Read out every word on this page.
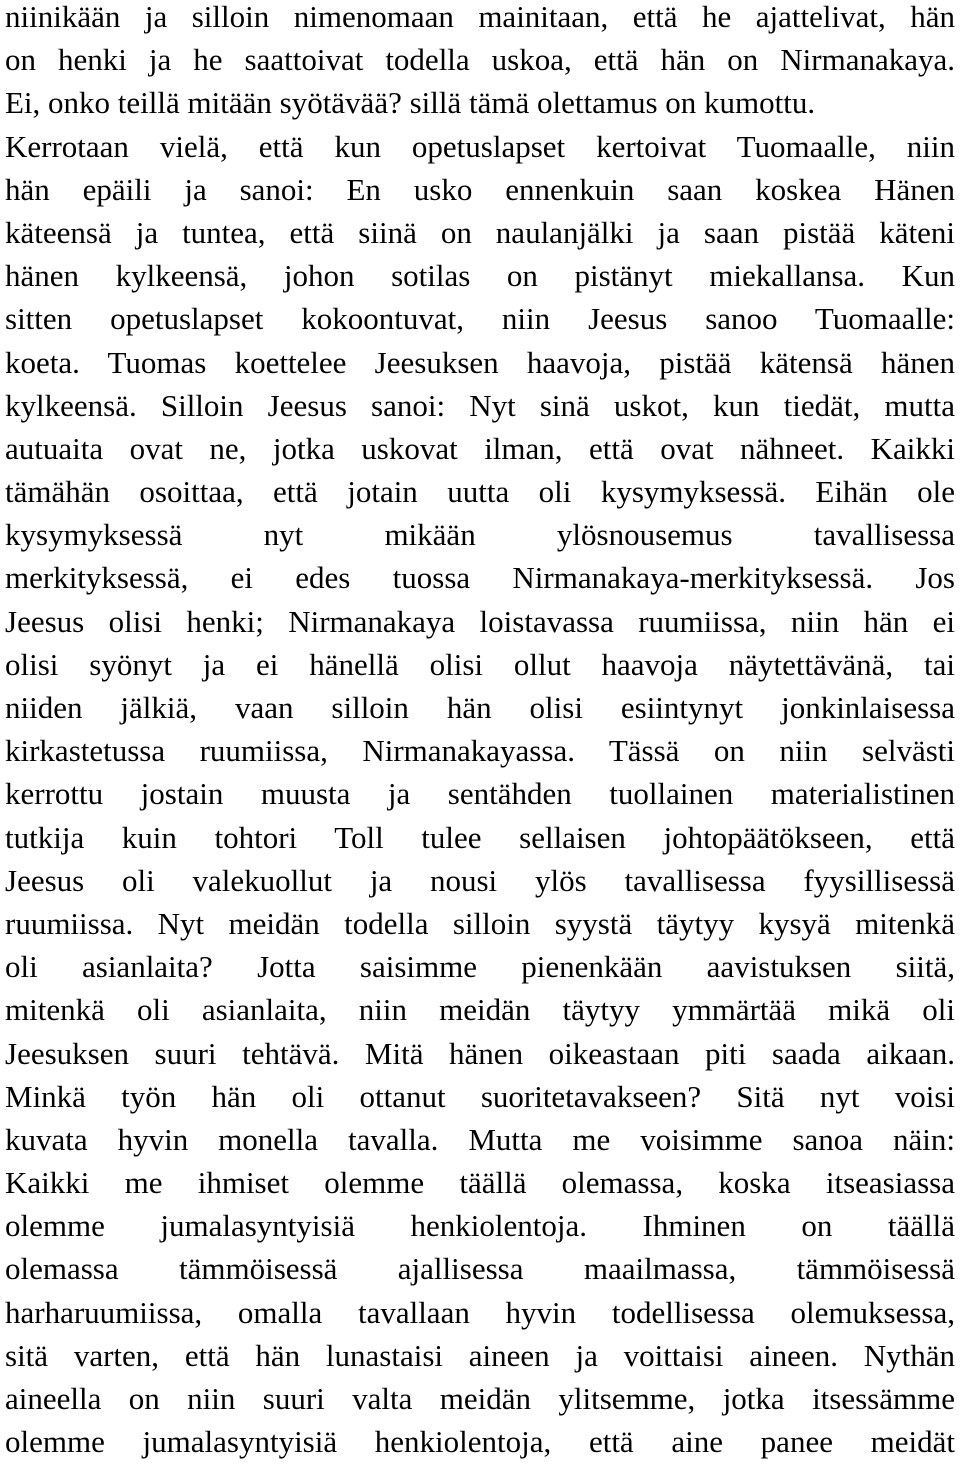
niinikään ja silloin nimenomaan mainitaan, että he ajattelivat, hän
on henki ja he saattoivat todella uskoa, että hän on Nirmanakaya.
Ei, onko teillä mitään syötävää? sillä tämä olettamus on kumottu.
Kerrotaan vielä, että kun opetuslapset kertoivat Tuomaalle, niin
hän epäili ja sanoi: En usko ennenkuin saan koskea Hänen
käteensä ja tuntea, että siinä on naulanjälki ja saan pistää käteni
hänen kylkeensä, johon sotilas on pistänyt miekallansa. Kun
sitten opetuslapset kokoontuvat, niin Jeesus sanoo Tuomaalle:
koeta. Tuomas koettelee Jeesuksen haavoja, pistää kätensä hänen
kylkeensä. Silloin Jeesus sanoi: Nyt sinä uskot, kun tiedät, mutta
autuaita ovat ne, jotka uskovat ilman, että ovat nähneet. Kaikki
tämähän osoittaa, että jotain uutta oli kysymyksessä. Eihän ole
kysymyksessä nyt mikään ylösnousemus tavallisessa
merkityksessä, ei edes tuossa Nirmanakaya-merkityksessä. Jos
Jeesus olisi henki; Nirmanakaya loistavassa ruumiissa, niin hän ei
olisi syönyt ja ei hänellä olisi ollut haavoja näytettävänä, tai
niiden jälkiä, vaan silloin hän olisi esiintynyt jonkinlaisessa
kirkastetussa ruumiissa, Nirmanakayassa. Tässä on niin selvästi
kerrottu jostain muusta ja sentähden tuollainen materialistinen
tutkija kuin tohtori Toll tulee sellaisen johtopäätökseen, että
Jeesus oli valekuollut ja nousi ylös tavallisessa fyysillisessä
ruumiissa. Nyt meidän todella silloin syystä täytyy kysyä mitenkä
oli asianlaita? Jotta saisimme pienenkään aavistuksen siitä,
mitenkä oli asianlaita, niin meidän täytyy ymmärtää mikä oli
Jeesuksen suuri tehtävä. Mitä hänen oikeastaan piti saada aikaan.
Minkä työn hän oli ottanut suoritetavakseen? Sitä nyt voisi
kuvata hyvin monella tavalla. Mutta me voisimme sanoa näin:
Kaikki me ihmiset olemme täällä olemassa, koska itseasiassa
olemme jumalasyntyisiä henkiolentoja. Ihminen on täällä
olemassa tämmöisessä ajallisessa maailmassa, tämmöisessä
harharuumiissa, omalla tavallaan hyvin todellisessa olemuksessa,
sitä varten, että hän lunastaisi aineen ja voittaisi aineen. Nythän
aineella on niin suuri valta meidän ylitsemme, jotka itsessämme
olemme jumalasyntyisiä henkiolentoja, että aine panee meidät
